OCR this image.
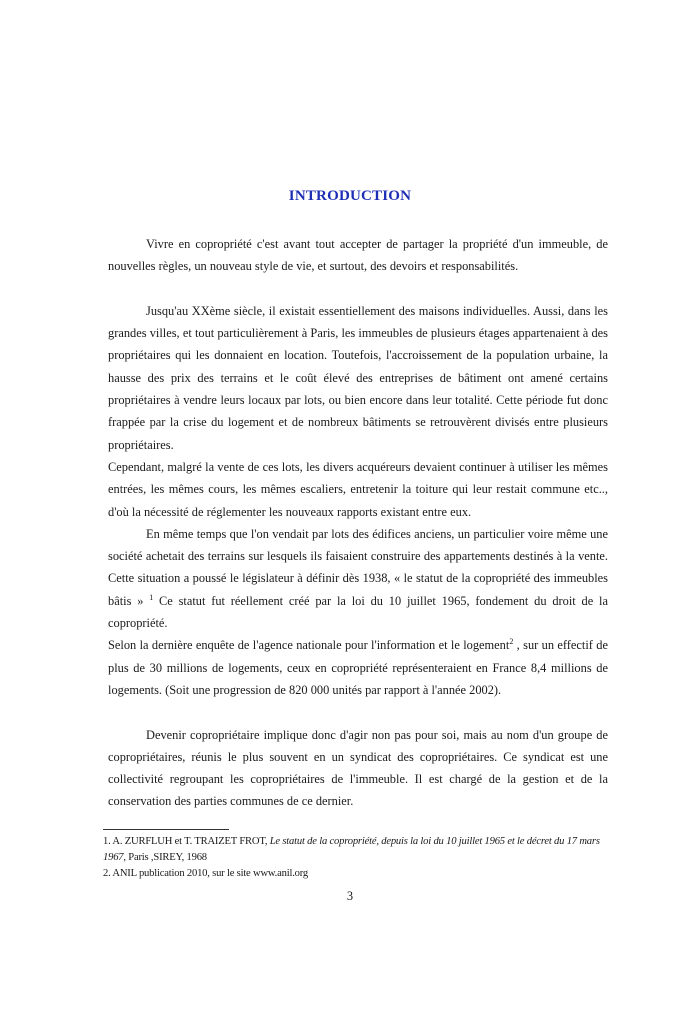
INTRODUCTION

Vivre en copropriété c'est avant tout accepter de partager la propriété d'un immeuble, de nouvelles règles, un nouveau style de vie, et surtout, des devoirs et responsabilités.

Jusqu'au XXème siècle, il existait essentiellement des maisons individuelles. Aussi, dans les grandes villes, et tout particulièrement à Paris, les immeubles de plusieurs étages appartenaient à des propriétaires qui les donnaient en location. Toutefois, l'accroissement de la population urbaine, la hausse des prix des terrains et le coût élevé des entreprises de bâtiment ont amené certains propriétaires à vendre leurs locaux par lots, ou bien encore dans leur totalité. Cette période fut donc frappée par la crise du logement et de nombreux bâtiments se retrouvèrent divisés entre plusieurs propriétaires.

Cependant, malgré la vente de ces lots, les divers acquéreurs devaient continuer à utiliser les mêmes entrées, les mêmes cours, les mêmes escaliers, entretenir la toiture qui leur restait commune etc.., d'où la nécessité de réglementer les nouveaux rapports existant entre eux.

En même temps que l'on vendait par lots des édifices anciens, un particulier voire même une société achetait des terrains sur lesquels ils faisaient construire des appartements destinés à la vente. Cette situation a poussé le législateur à définir dès 1938, « le statut de la copropriété des immeubles bâtis » $^1$ Ce statut fut réellement créé par la loi du 10 juillet 1965, fondement du droit de la copropriété.

Selon la dernière enquête de l'agence nationale pour l'information et le logement$^2$ , sur un effectif de plus de 30 millions de logements, ceux en copropriété représenteraient en France 8,4 millions de logements. (Soit une progression de 820 000 unités par rapport à l'année 2002).

Devenir copropriétaire implique donc d'agir non pas pour soi, mais au nom d'un groupe de copropriétaires, réunis le plus souvent en un syndicat des copropriétaires. Ce syndicat est une collectivité regroupant les copropriétaires de l'immeuble. Il est chargé de la gestion et de la conservation des parties communes de ce dernier.

1. A. ZURFLUH et T. TRAIZET FROT, Le statut de la copropriété, depuis la loi du 10 juillet 1965 et le décret du 17 mars 1967, Paris ,SIREY, 1968

2. ANIL publication 2010, sur le site www.anil.org

3
